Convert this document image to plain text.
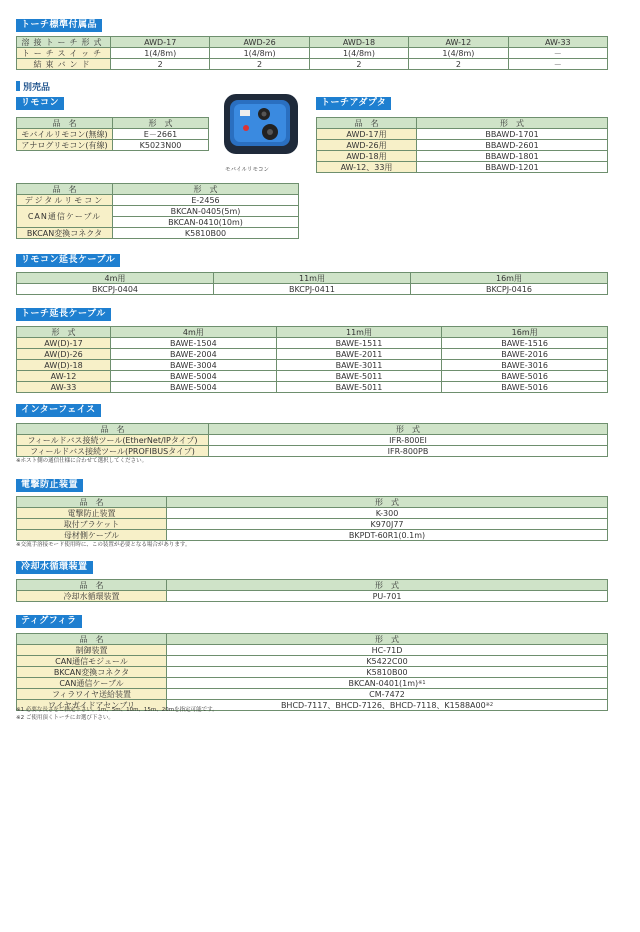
トーチ標準付属品
溶接トーチ形式	AWD-17	AWD-26	AWD-18	AW-12	AW-33
トーチスイッチ	1(4/8m)	1(4/8m)	1(4/8m)	1(4/8m)	－
結束バンド	2	2	2	2	－
別売品
リモコン
品　名	形　式
モバイルリモコン(無線)	E－2661
アナログリモコン(有線)	K5023N00
モバイルリモコン
トーチアダプタ
品　名	形　式
AWD-17用	BBAWD-1701
AWD-26用	BBAWD-2601
AWD-18用	BBAWD-1801
AW-12、33用	BBAWD-1201
品　名	形　式
デジタルリモコン	E-2456
CAN通信ケーブル	BKCAN-0405(5m)
	BKCAN-0410(10m)
BKCAN変換コネクタ	K5810B00
リモコン延長ケーブル
4m用	11m用	16m用
BKCPJ-0404	BKCPJ-0411	BKCPJ-0416
トーチ延長ケーブル
形　式	4m用	11m用	16m用
AW(D)-17	BAWE-1504	BAWE-1511	BAWE-1516
AW(D)-26	BAWE-2004	BAWE-2011	BAWE-2016
AW(D)-18	BAWE-3004	BAWE-3011	BAWE-3016
AW-12	BAWE-5004	BAWE-5011	BAWE-5016
AW-33	BAWE-5004	BAWE-5011	BAWE-5016
インターフェイス
品　名	形　式
フィールドバス接続ツール(EtherNet/IPタイプ)	IFR-800EI
フィールドバス接続ツール(PROFIBUSタイプ)	IFR-800PB
※ホスト側の通信仕様に合わせて選択してください。
電撃防止装置
品　名	形　式
電撃防止装置	K-300
取付ブラケット	K970J77
母材側ケーブル	BKPDT-60R1(0.1m)
※交流手溶接モード使用時に、この装置が必要となる場合があります。
冷却水循環装置
品　名	形　式
冷却水循環装置	PU-701
ティグフィラ
品　名	形　式
制御装置	HC-71D
CAN通信モジュール	K5422C00
BKCAN変換コネクタ	K5810B00
CAN通信ケーブル	BKCAN-$0401(1m)^{※1}$
フィラワイヤ送給装置	CM-7472
ワイヤガイドアセンブリ	BHCD-7117、BHCD-7126、BHCD-7118、K1588A00$^{※2}$
※1 必要な長さをご指定下さい。1m、5m、10m、15m、20mを指定可能です。
※2 ご使用頂くトーチにお選び下さい。
